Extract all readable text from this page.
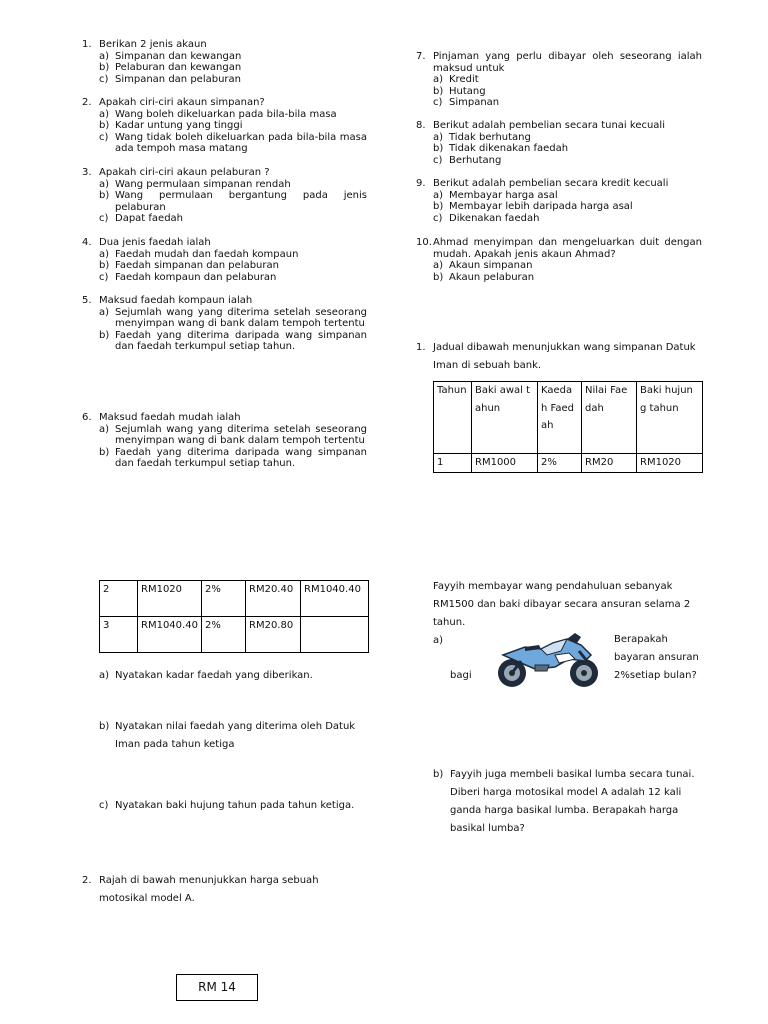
1. Berikan 2 jenis akaun
a) Simpanan dan kewangan
b) Pelaburan dan kewangan
c) Simpanan dan pelaburan
2. Apakah ciri-ciri akaun simpanan?
a) Wang boleh dikeluarkan pada bila-bila masa
b) Kadar untung yang tinggi
c) Wang tidak boleh dikeluarkan pada bila-bila masa ada tempoh masa matang
3. Apakah ciri-ciri akaun pelaburan ?
a) Wang permulaan simpanan rendah
b) Wang permulaan bergantung pada jenis pelaburan
c) Dapat faedah
4. Dua jenis faedah ialah
a) Faedah mudah dan faedah kompaun
b) Faedah simpanan dan pelaburan
c) Faedah kompaun dan pelaburan
5. Maksud faedah kompaun ialah
a) Sejumlah wang yang diterima setelah seseorang menyimpan wang di bank dalam tempoh tertentu
b) Faedah yang diterima daripada wang simpanan dan faedah terkumpul setiap tahun.
6. Maksud faedah mudah ialah
a) Sejumlah wang yang diterima setelah seseorang menyimpan wang di bank dalam tempoh tertentu
b) Faedah yang diterima daripada wang simpanan dan faedah terkumpul setiap tahun.
7. Pinjaman yang perlu dibayar oleh seseorang ialah maksud untuk
a) Kredit
b) Hutang
c) Simpanan
8. Berikut adalah pembelian secara tunai kecuali
a) Tidak berhutang
b) Tidak dikenakan faedah
c) Berhutang
9. Berikut adalah pembelian secara kredit kecuali
a) Membayar harga asal
b) Membayar lebih daripada harga asal
c) Dikenakan faedah
10. Ahmad menyimpan dan mengeluarkan duit dengan mudah. Apakah jenis akaun Ahmad?
a) Akaun simpanan
b) Akaun pelaburan
1. Jadual dibawah menunjukkan wang simpanan Datuk Iman di sebuah bank.
Tahun	Baki awal tahun	Kaedah Faedah	Nilai Faedah	Baki hujung tahun
1	RM1000	2%	RM20	RM1020
2	RM1020	2%	RM20.40	RM1040.40
3	RM1040.40	2%	RM20.80	
a) Nyatakan kadar faedah yang diberikan.
b) Nyatakan nilai faedah yang diterima oleh Datuk Iman pada tahun ketiga
c) Nyatakan baki hujung tahun pada tahun ketiga.
2. Rajah di bawah menunjukkan harga sebuah motosikal model A.
Fayyih membayar wang pendahuluan sebanyak RM1500 dan baki dibayar secara ansuran selama 2 tahun.
a)	Berapakah bayaran ansuran
bagi	2%setiap bulan?
b) Fayyih juga membeli basikal lumba secara tunai. Diberi harga motosikal model A adalah 12 kali ganda harga basikal lumba. Berapakah harga basikal lumba?
RM 14
